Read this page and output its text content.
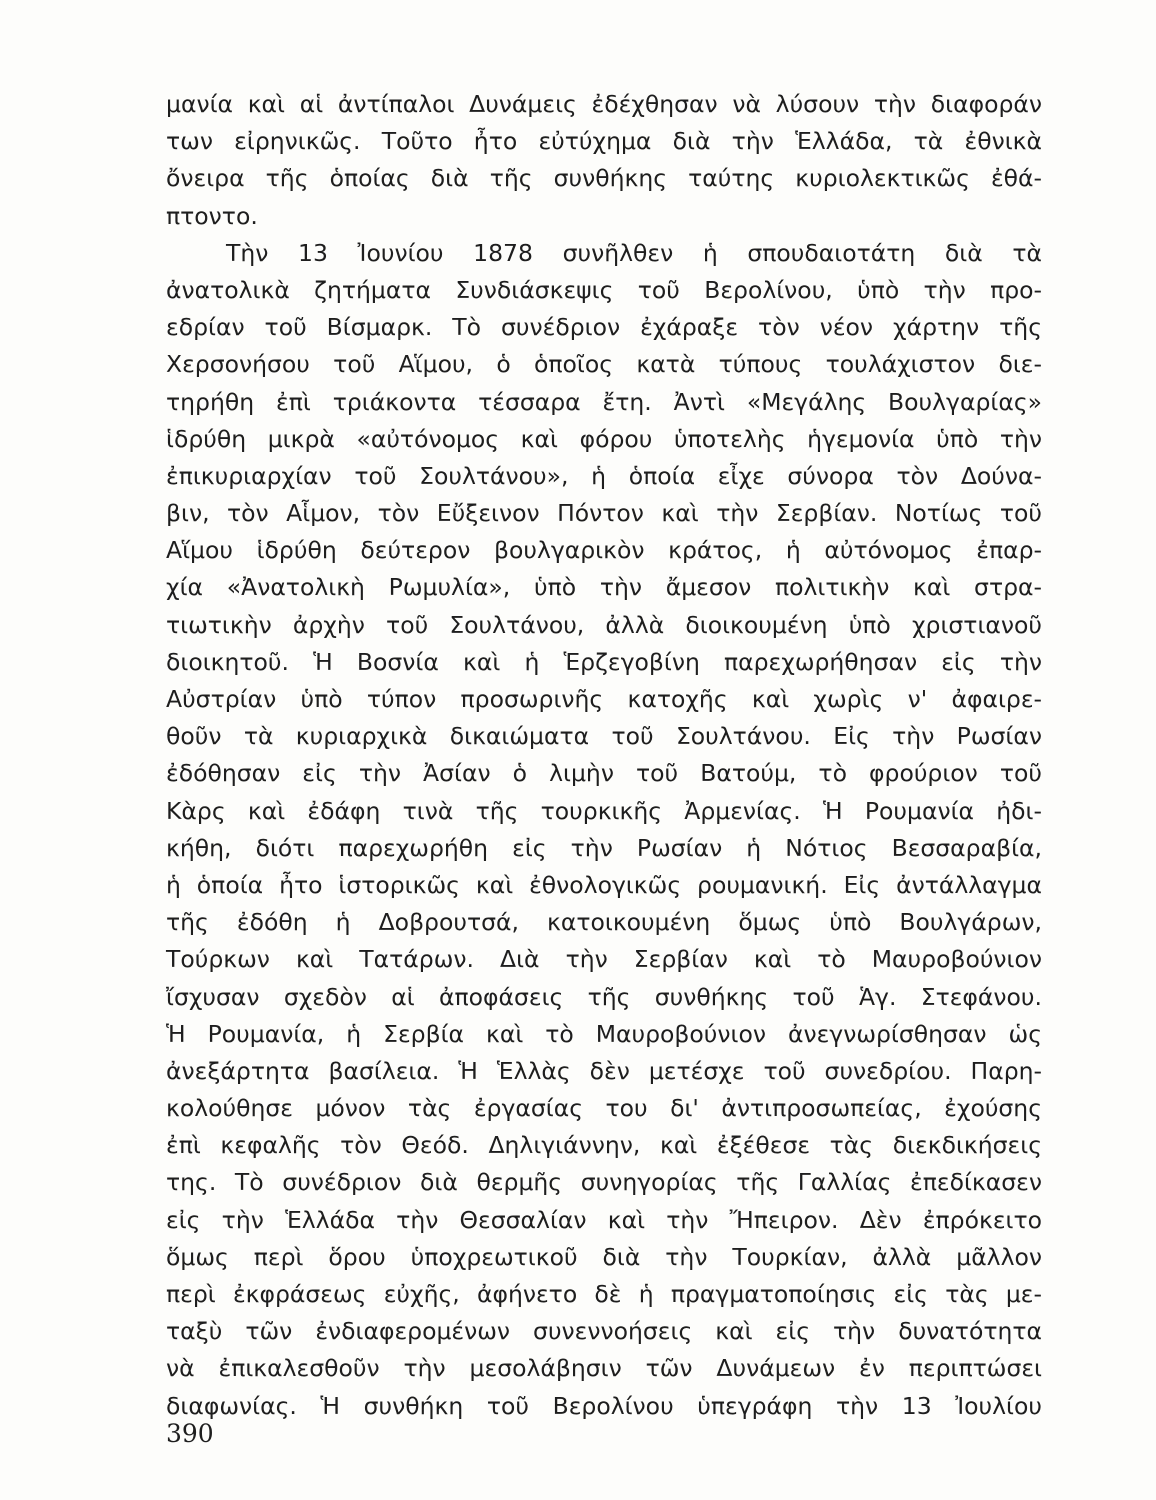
μανία καὶ αἱ ἀντίπαλοι Δυνάμεις ἐδέχθησαν νὰ λύσουν τὴν διαφοράν
των εἰρηνικῶς. Τοῦτο ἦτο εὐτύχημα διὰ τὴν Ἑλλάδα, τὰ ἐθνικὰ
ὄνειρα τῆς ὁποίας διὰ τῆς συνθήκης ταύτης κυριολεκτικῶς ἐθά-
πτοντο.
Τὴν 13 Ἰουνίου 1878 συνῆλθεν ἡ σπουδαιοτάτη διὰ τὰ
ἀνατολικὰ ζητήματα Συνδιάσκεψις τοῦ Βερολίνου, ὑπὸ τὴν προ-
εδρίαν τοῦ Βίσμαρκ. Τὸ συνέδριον ἐχάραξε τὸν νέον χάρτην τῆς
Χερσονήσου τοῦ Αἵμου, ὁ ὁποῖος κατὰ τύπους τουλάχιστον διε-
τηρήθη ἐπὶ τριάκοντα τέσσαρα ἔτη. Ἀντὶ «Μεγάλης Βουλγαρίας»
ἱδρύθη μικρὰ «αὐτόνομος καὶ φόρου ὑποτελὴς ἡγεμονία ὑπὸ τὴν
ἐπικυριαρχίαν τοῦ Σουλτάνου», ἡ ὁποία εἶχε σύνορα τὸν Δούνα-
βιν, τὸν Αἷμον, τὸν Εὔξεινον Πόντον καὶ τὴν Σερβίαν. Νοτίως τοῦ
Αἵμου ἱδρύθη δεύτερον βουλγαρικὸν κράτος, ἡ αὐτόνομος ἐπαρ-
χία «Ἀνατολικὴ Ρωμυλία», ὑπὸ τὴν ἄμεσον πολιτικὴν καὶ στρα-
τιωτικὴν ἀρχὴν τοῦ Σουλτάνου, ἀλλὰ διοικουμένη ὑπὸ χριστιανοῦ
διοικητοῦ. Ἡ Βοσνία καὶ ἡ Ἑρζεγοβίνη παρεχωρήθησαν εἰς τὴν
Αὐστρίαν ὑπὸ τύπον προσωρινῆς κατοχῆς καὶ χωρὶς ν' ἀφαιρε-
θοῦν τὰ κυριαρχικὰ δικαιώματα τοῦ Σουλτάνου. Εἰς τὴν Ρωσίαν
ἐδόθησαν εἰς τὴν Ἀσίαν ὁ λιμὴν τοῦ Βατούμ, τὸ φρούριον τοῦ
Κὰρς καὶ ἐδάφη τινὰ τῆς τουρκικῆς Ἀρμενίας. Ἡ Ρουμανία ἠδι-
κήθη, διότι παρεχωρήθη εἰς τὴν Ρωσίαν ἡ Νότιος Βεσσαραβία,
ἡ ὁποία ἦτο ἱστορικῶς καὶ ἐθνολογικῶς ρουμανική. Εἰς ἀντάλλαγμα
τῆς ἐδόθη ἡ Δοβρουτσά, κατοικουμένη ὅμως ὑπὸ Βουλγάρων,
Τούρκων καὶ Τατάρων. Διὰ τὴν Σερβίαν καὶ τὸ Μαυροβούνιον
ἴσχυσαν σχεδὸν αἱ ἀποφάσεις τῆς συνθήκης τοῦ Ἁγ. Στεφάνου.
Ἡ Ρουμανία, ἡ Σερβία καὶ τὸ Μαυροβούνιον ἀνεγνωρίσθησαν ὡς
ἀνεξάρτητα βασίλεια. Ἡ Ἑλλὰς δὲν μετέσχε τοῦ συνεδρίου. Παρη-
κολούθησε μόνον τὰς ἐργασίας του δι' ἀντιπροσωπείας, ἐχούσης
ἐπὶ κεφαλῆς τὸν Θεόδ. Δηλιγιάννην, καὶ ἐξέθεσε τὰς διεκδικήσεις
της. Τὸ συνέδριον διὰ θερμῆς συνηγορίας τῆς Γαλλίας ἐπεδίκασεν
εἰς τὴν Ἑλλάδα τὴν Θεσσαλίαν καὶ τὴν Ἤπειρον. Δὲν ἐπρόκειτο
ὅμως περὶ ὅρου ὑποχρεωτικοῦ διὰ τὴν Τουρκίαν, ἀλλὰ μᾶλλον
περὶ ἐκφράσεως εὐχῆς, ἀφήνετο δὲ ἡ πραγματοποίησις εἰς τὰς με-
ταξὺ τῶν ἐνδιαφερομένων συνεννοήσεις καὶ εἰς τὴν δυνατότητα
νὰ ἐπικαλεσθοῦν τὴν μεσολάβησιν τῶν Δυνάμεων ἐν περιπτώσει
διαφωνίας. Ἡ συνθήκη τοῦ Βερολίνου ὑπεγράφη τὴν 13 Ἰουλίου
390
